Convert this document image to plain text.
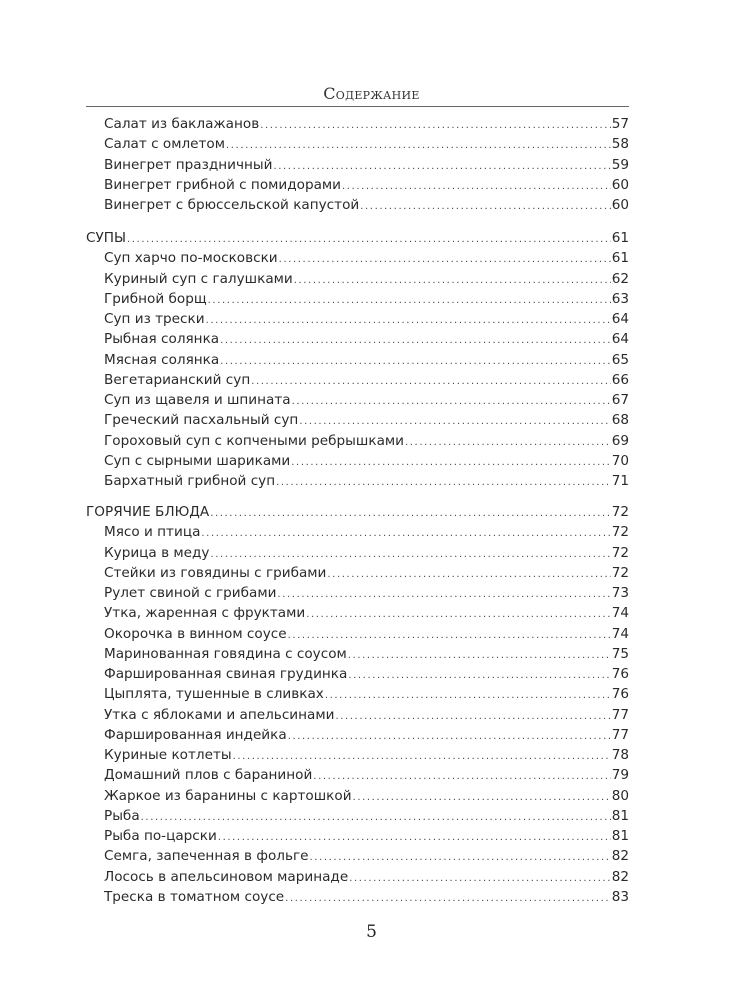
Содержание
Салат из баклажанов .....	57
Салат с омлетом .....	58
Винегрет праздничный .....	59
Винегрет грибной с помидорами .....	60
Винегрет с брюссельской капустой .....	60
СУПЫ .....	61
Суп харчо по-московски .....	61
Куриный суп с галушками .....	62
Грибной борщ .....	63
Суп из трески .....	64
Рыбная солянка .....	64
Мясная солянка .....	65
Вегетарианский суп .....	66
Суп из щавеля и шпината .....	67
Греческий пасхальный суп .....	68
Гороховый суп с копчеными ребрышками .....	69
Суп с сырными шариками .....	70
Бархатный грибной суп .....	71
ГОРЯЧИЕ БЛЮДА .....	72
Мясо и птица .....	72
Курица в меду .....	72
Стейки из говядины с грибами .....	72
Рулет свиной с грибами .....	73
Утка, жаренная с фруктами .....	74
Окорочка в винном соусе .....	74
Маринованная говядина с соусом .....	75
Фаршированная свиная грудинка .....	76
Цыплята, тушенные в сливках .....	76
Утка с яблоками и апельсинами .....	77
Фаршированная индейка .....	77
Куриные котлеты .....	78
Домашний плов с бараниной .....	79
Жаркое из баранины с картошкой .....	80
Рыба .....	81
Рыба по-царски .....	81
Семга, запеченная в фольге .....	82
Лосось в апельсиновом маринаде .....	82
Треска в томатном соусе .....	83
5
